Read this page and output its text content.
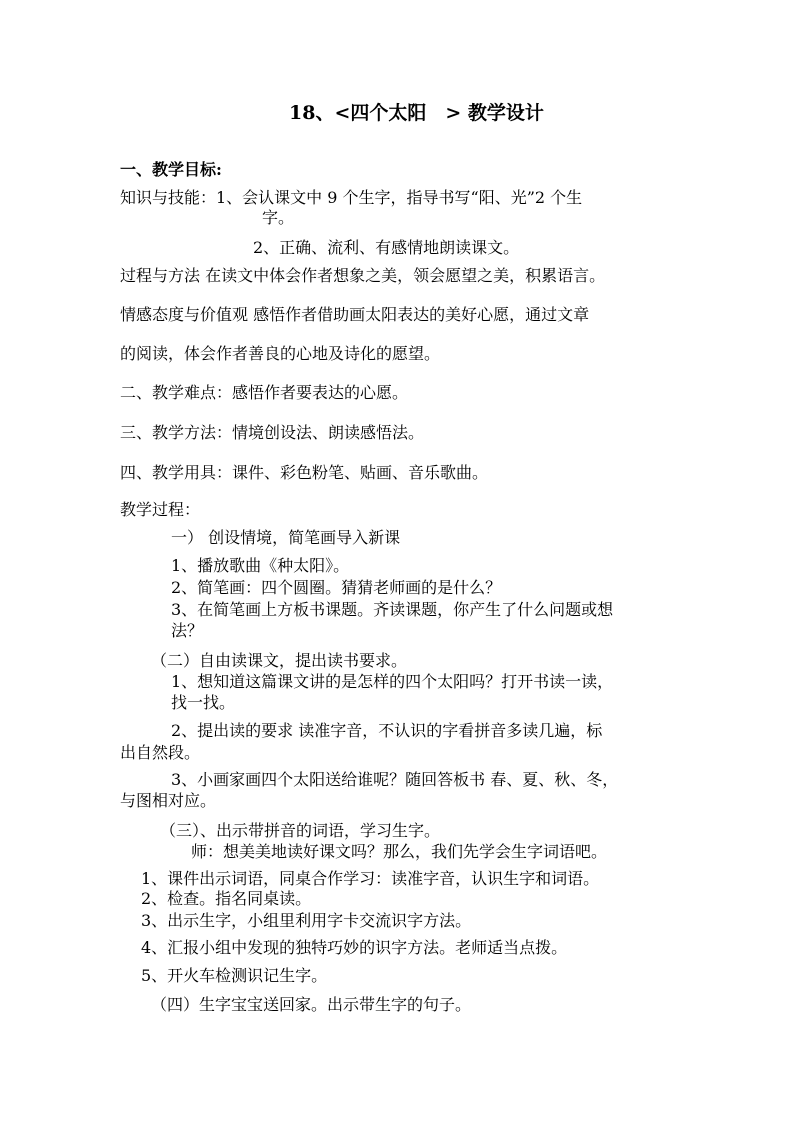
18、<四个太阳　> 教学设计
一、教学目标:
知识与技能：1、会认课文中 9 个生字，指导书写“阳、光”2 个生
字。
2、正确、流利、有感情地朗读课文。
过程与方法 在读文中体会作者想象之美，领会愿望之美，积累语言。
情感态度与价值观 感悟作者借助画太阳表达的美好心愿，通过文章
的阅读，体会作者善良的心地及诗化的愿望。
二、教学难点：感悟作者要表达的心愿。
三、教学方法：情境创设法、朗读感悟法。
四、教学用具：课件、彩色粉笔、贴画、音乐歌曲。
教学过程：
一） 创设情境，简笔画导入新课
1、播放歌曲《种太阳》。
2、简笔画：四个圆圈。猜猜老师画的是什么？
3、在简笔画上方板书课题。齐读课题，你产生了什么问题或想
法？
（二）自由读课文，提出读书要求。
1、想知道这篇课文讲的是怎样的四个太阳吗？打开书读一读，
找一找。
2、提出读的要求 读准字音，不认识的字看拼音多读几遍，标
出自然段。
3、小画家画四个太阳送给谁呢？随回答板书 春、夏、秋、冬，
与图相对应。
（三）、出示带拼音的词语，学习生字。
师：想美美地读好课文吗？那么，我们先学会生字词语吧。
1、课件出示词语，同桌合作学习：读准字音，认识生字和词语。
2、检查。指名同桌读。
3、出示生字，小组里利用字卡交流识字方法。
4、汇报小组中发现的独特巧妙的识字方法。老师适当点拨。
5、开火车检测识记生字。
（四）生字宝宝送回家。出示带生字的句子。
